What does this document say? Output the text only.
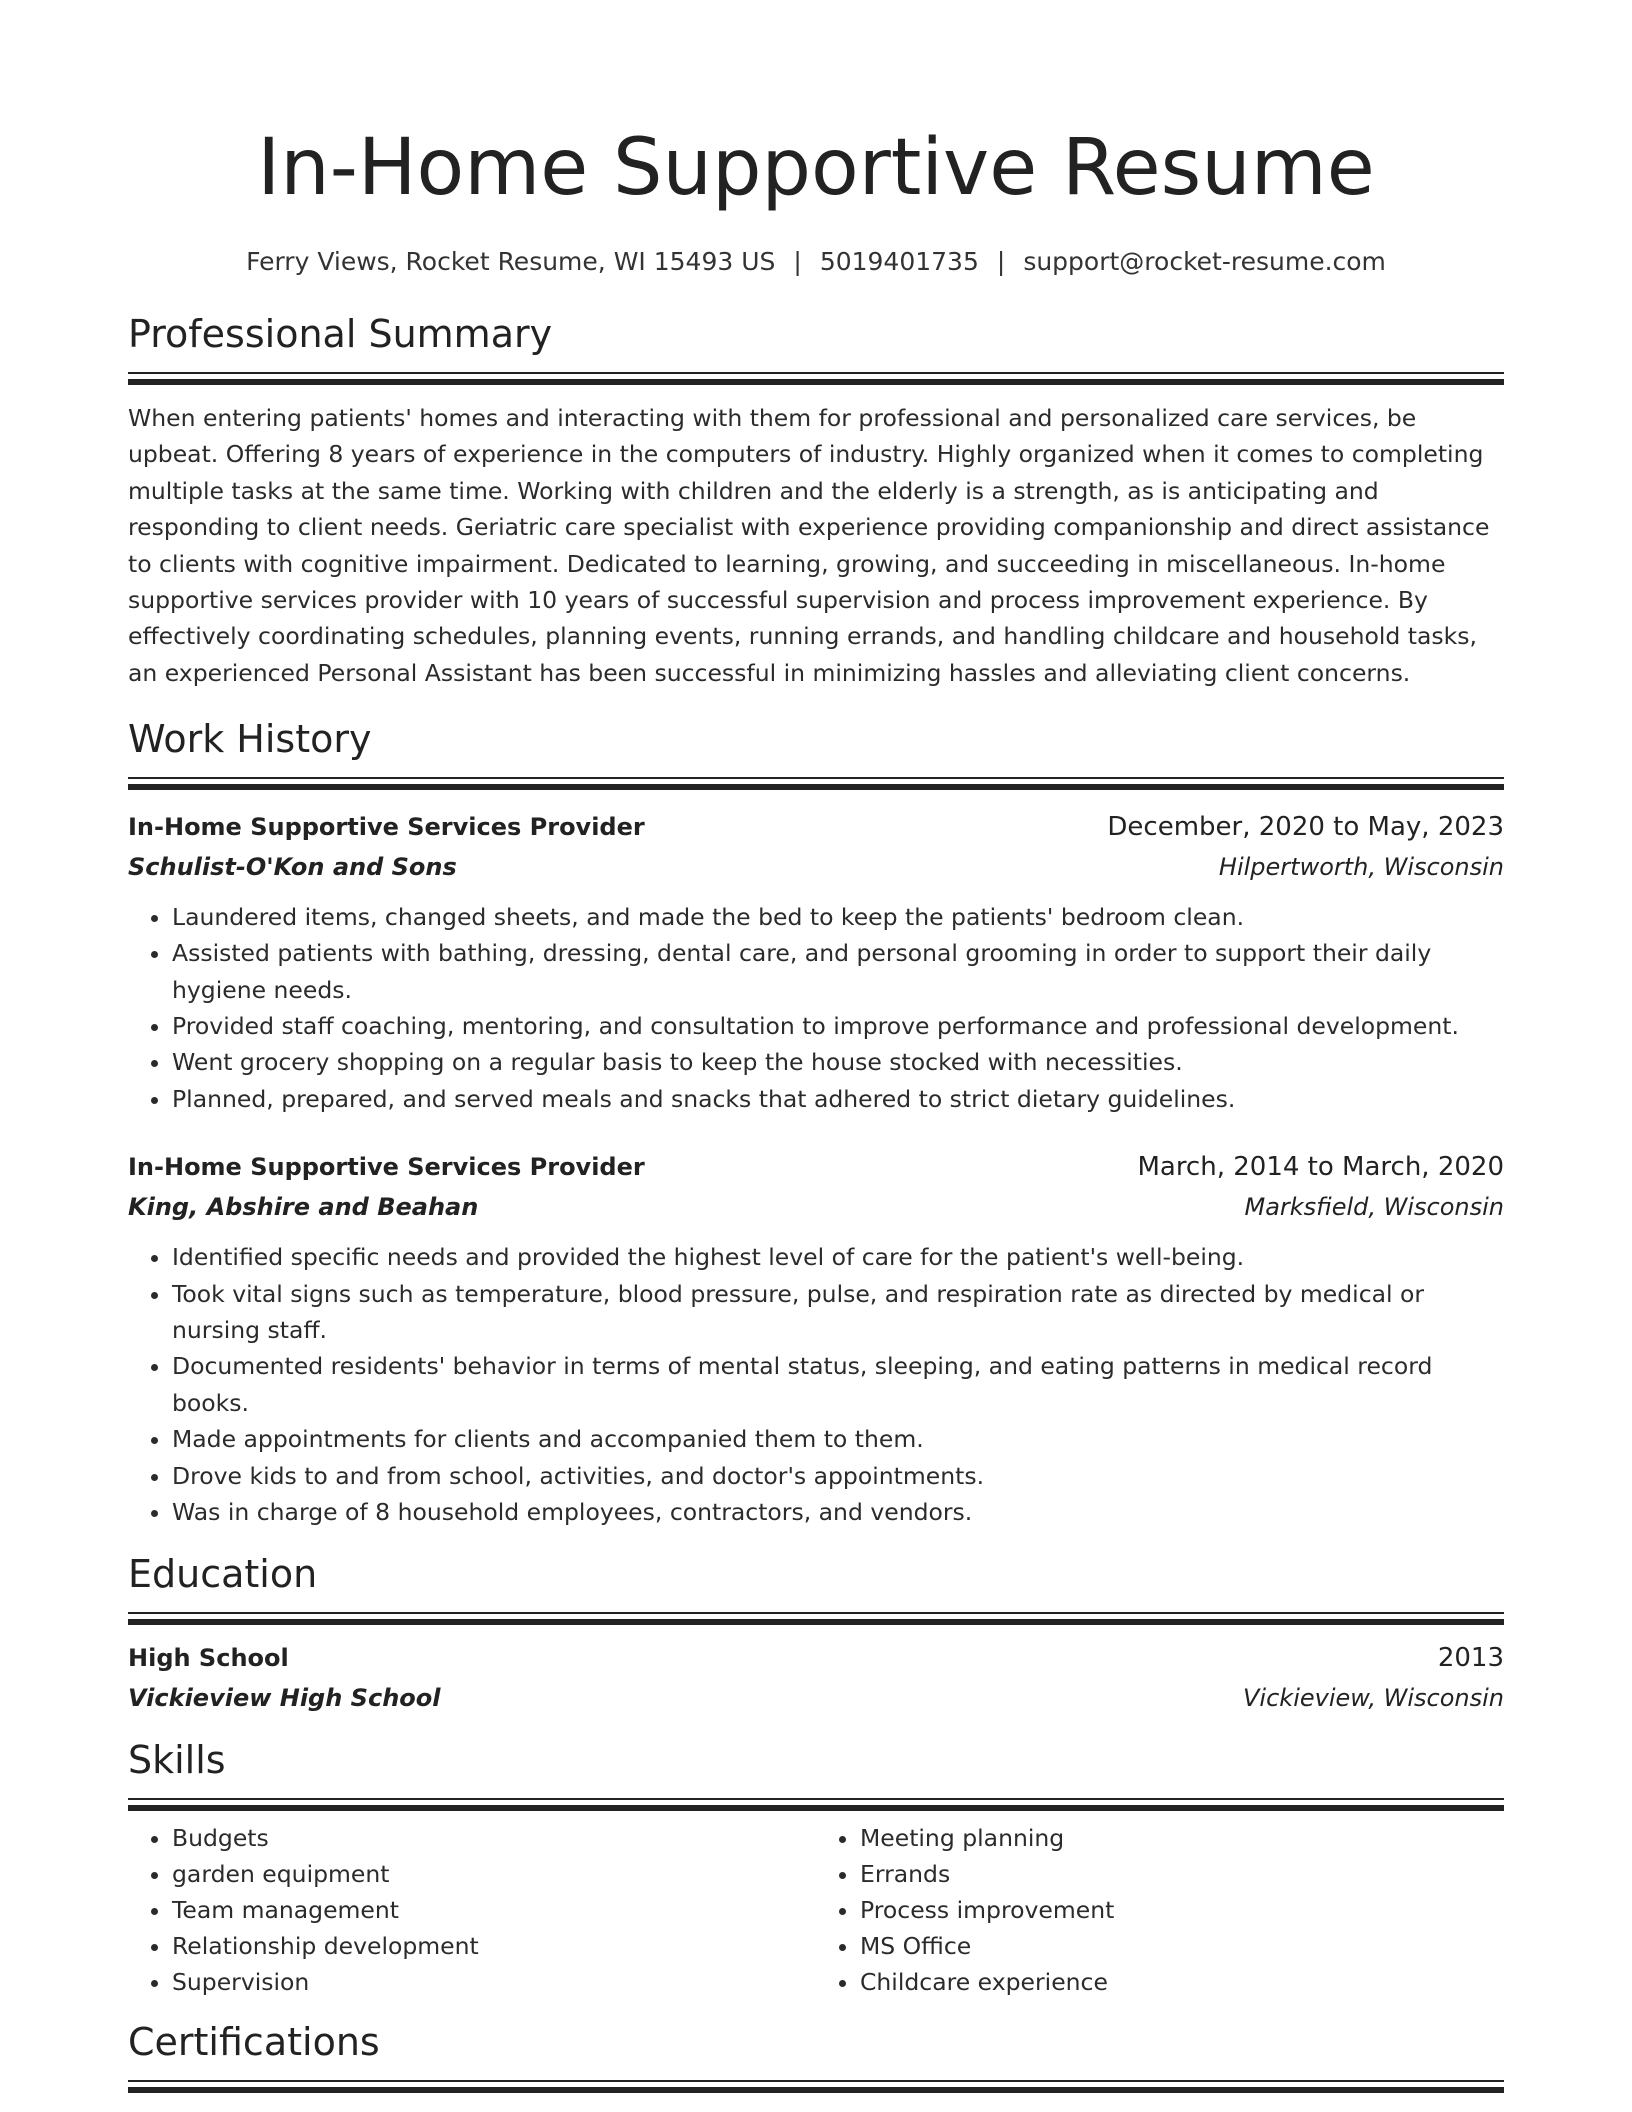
In-Home Supportive Resume
Ferry Views, Rocket Resume, WI 15493 US | 5019401735 | support@rocket-resume.com
Professional Summary

When entering patients' homes and interacting with them for professional and personalized care services, be upbeat. Offering 8 years of experience in the computers of industry. Highly organized when it comes to completing multiple tasks at the same time. Working with children and the elderly is a strength, as is anticipating and responding to client needs. Geriatric care specialist with experience providing companionship and direct assistance to clients with cognitive impairment. Dedicated to learning, growing, and succeeding in miscellaneous. In-home supportive services provider with 10 years of successful supervision and process improvement experience. By effectively coordinating schedules, planning events, running errands, and handling childcare and household tasks, an experienced Personal Assistant has been successful in minimizing hassles and alleviating client concerns.

Work History
In-Home Supportive Services Provider	December, 2020 to May, 2023
Schulist-O'Kon and Sons	Hilpertworth, Wisconsin
• Laundered items, changed sheets, and made the bed to keep the patients' bedroom clean.
• Assisted patients with bathing, dressing, dental care, and personal grooming in order to support their daily hygiene needs.
• Provided staff coaching, mentoring, and consultation to improve performance and professional development.
• Went grocery shopping on a regular basis to keep the house stocked with necessities.
• Planned, prepared, and served meals and snacks that adhered to strict dietary guidelines.
In-Home Supportive Services Provider	March, 2014 to March, 2020
King, Abshire and Beahan	Marksfield, Wisconsin
• Identified specific needs and provided the highest level of care for the patient's well-being.
• Took vital signs such as temperature, blood pressure, pulse, and respiration rate as directed by medical or nursing staff.
• Documented residents' behavior in terms of mental status, sleeping, and eating patterns in medical record books.
• Made appointments for clients and accompanied them to them.
• Drove kids to and from school, activities, and doctor's appointments.
• Was in charge of 8 household employees, contractors, and vendors.
Education
High School	2013
Vickieview High School	Vickieview, Wisconsin
Skills
• Budgets
• garden equipment
• Team management
• Relationship development
• Supervision
• Meeting planning
• Errands
• Process improvement
• MS Office
• Childcare experience
Certifications
